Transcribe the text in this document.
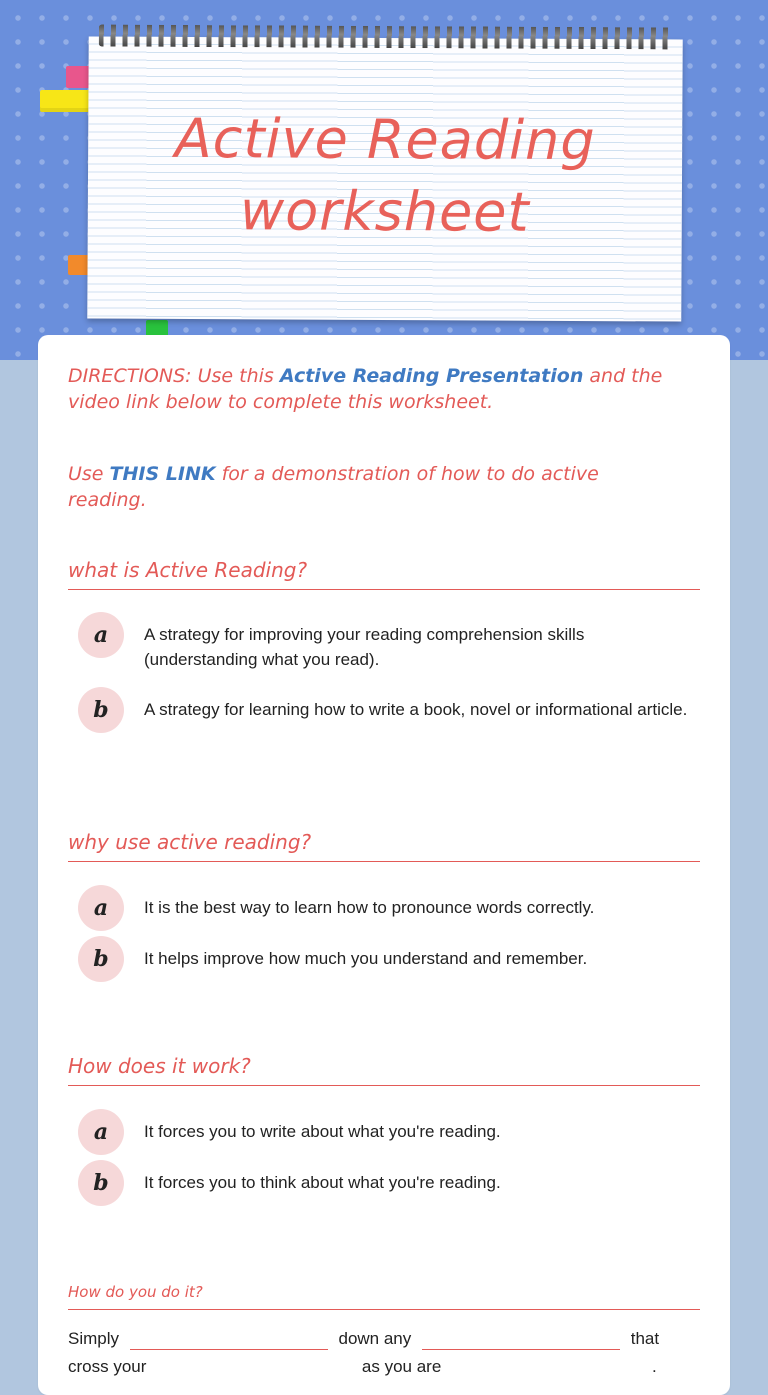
Active Reading
worksheet
DIRECTIONS: Use this Active Reading Presentation and the video link below to complete this worksheet.
Use THIS LINK for a demonstration of how to do active reading.
what is Active Reading?
a	A strategy for improving your reading comprehension skills (understanding what you read).
b	A strategy for learning how to write a book, novel or informational article.
why use active reading?
a	It is the best way to learn how to pronounce words correctly.
b	It helps improve how much you understand and remember.
How does it work?
a	It forces you to write about what you're reading.
b	It forces you to think about what you're reading.
How do you do it?
Simply	down any	that
cross your	as you are	.
